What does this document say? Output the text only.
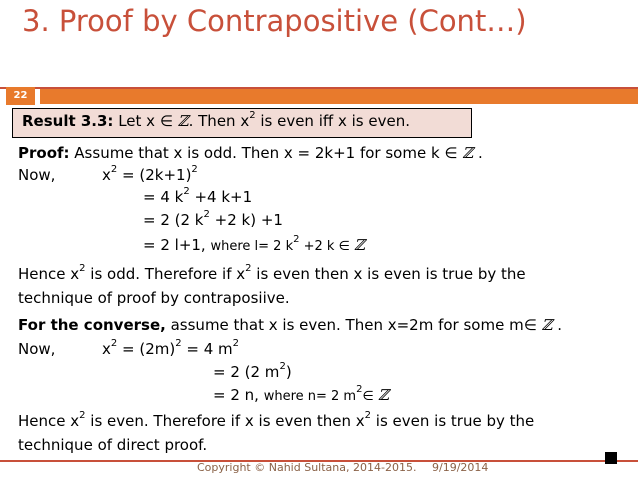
3. Proof by Contrapositive (Cont…)
22
Result 3.3: Let x ∈ ℤ. Then $x^2$ is even iff x is even.
Proof: Assume that x is odd. Then x = 2k+1 for some k ∈ ℤ .
Now,	$x^2 = (2k+1)^2$
= 4 $k^2 +4$ k+1
= 2 (2 $k^2 +2$ k) +1
= 2 l+1, where l= 2 $k^2 +2$ k ∈ ℤ
Hence $x^2$ is odd. Therefore if $x^2$ is even then x is even is true by the
technique of proof by contraposiive.
For the converse, assume that x is even. Then x=2m for some m∈ ℤ .
Now,	$x^2 = (2m)^2 = 4$ $m^2$
= 2 (2 $m^2$)
= 2 n, where n= 2 $m^2\in$ ℤ
Hence $x^2$ is even. Therefore if x is even then $x^2$ is even is true by the
technique of direct proof.
Copyright © Nahid Sultana, 2014-2015. 9/19/2014
